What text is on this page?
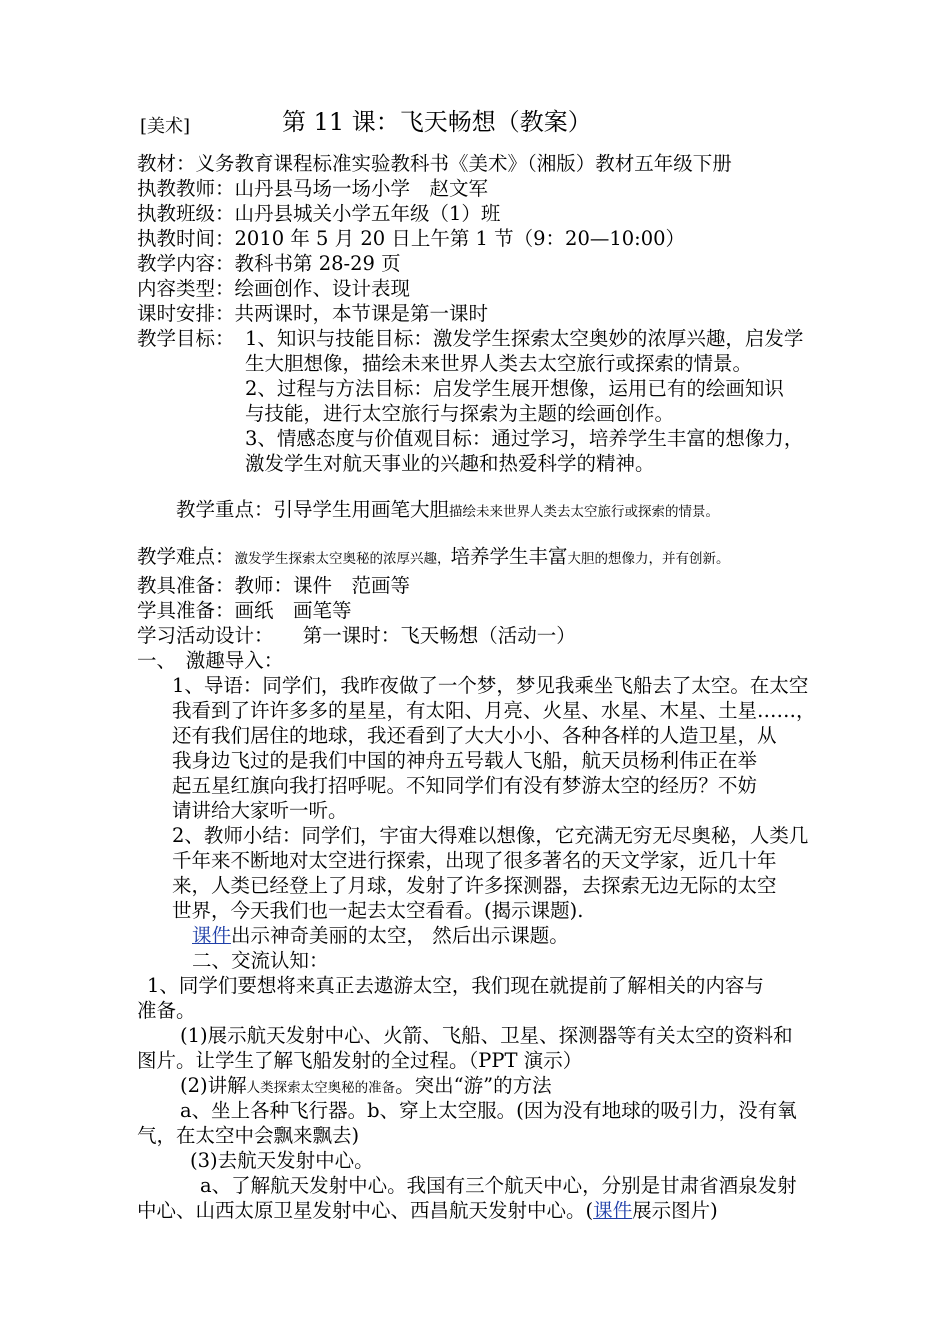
[美术]	第 11 课：飞天畅想（教案）
教材：义务教育课程标准实验教科书《美术》（湘版）教材五年级下册
执教教师：山丹县马场一场小学　赵文军
执教班级：山丹县城关小学五年级（1）班
执教时间：2010 年 5 月 20 日上午第 1 节（9：20—10:00）
教学内容：教科书第 28-29 页
内容类型：绘画创作、设计表现
课时安排：共两课时，本节课是第一课时
教学目标： 1、知识与技能目标：激发学生探索太空奥妙的浓厚兴趣，启发学
生大胆想像，描绘未来世界人类去太空旅行或探索的情景。
2、过程与方法目标：启发学生展开想像，运用已有的绘画知识
与技能，进行太空旅行与探索为主题的绘画创作。
3、情感态度与价值观目标：通过学习，培养学生丰富的想像力，
激发学生对航天事业的兴趣和热爱科学的精神。
教学重点：引导学生用画笔大胆描绘未来世界人类去太空旅行或探索的情景。
教学难点：激发学生探索太空奥秘的浓厚兴趣，培养学生丰富大胆的想像力，并有创新。
教具准备：教师：课件　范画等
学具准备：画纸　画笔等
学习活动设计：　　第一课时：飞天畅想（活动一）
一、　激趣导入：
1、导语：同学们，我昨夜做了一个梦，梦见我乘坐飞船去了太空。在太空
我看到了许许多多的星星，有太阳、月亮、火星、水星、木星、土星……，
还有我们居住的地球，我还看到了大大小小、各种各样的人造卫星，从
我身边飞过的是我们中国的神舟五号载人飞船，航天员杨利伟正在举
起五星红旗向我打招呼呢。不知同学们有没有梦游太空的经历？不妨
请讲给大家听一听。
2、教师小结：同学们，宇宙大得难以想像，它充满无穷无尽奥秘，人类几
千年来不断地对太空进行探索，出现了很多著名的天文学家，近几十年
来，人类已经登上了月球，发射了许多探测器，去探索无边无际的太空
世界，今天我们也一起去太空看看。(揭示课题).
课件出示神奇美丽的太空， 然后出示课题。
二、交流认知：
1、同学们要想将来真正去遨游太空，我们现在就提前了解相关的内容与
准备。
(1)展示航天发射中心、火箭、飞船、卫星、探测器等有关太空的资料和
图片。让学生了解飞船发射的全过程。（PPT 演示）
(2)讲解人类探索太空奥秘的准备。突出“游”的方法
a、坐上各种飞行器。b、穿上太空服。(因为没有地球的吸引力，没有氧
气，在太空中会飘来飘去)
(3)去航天发射中心。
a、了解航天发射中心。我国有三个航天中心，分别是甘肃省酒泉发射
中心、山西太原卫星发射中心、西昌航天发射中心。(课件展示图片)
